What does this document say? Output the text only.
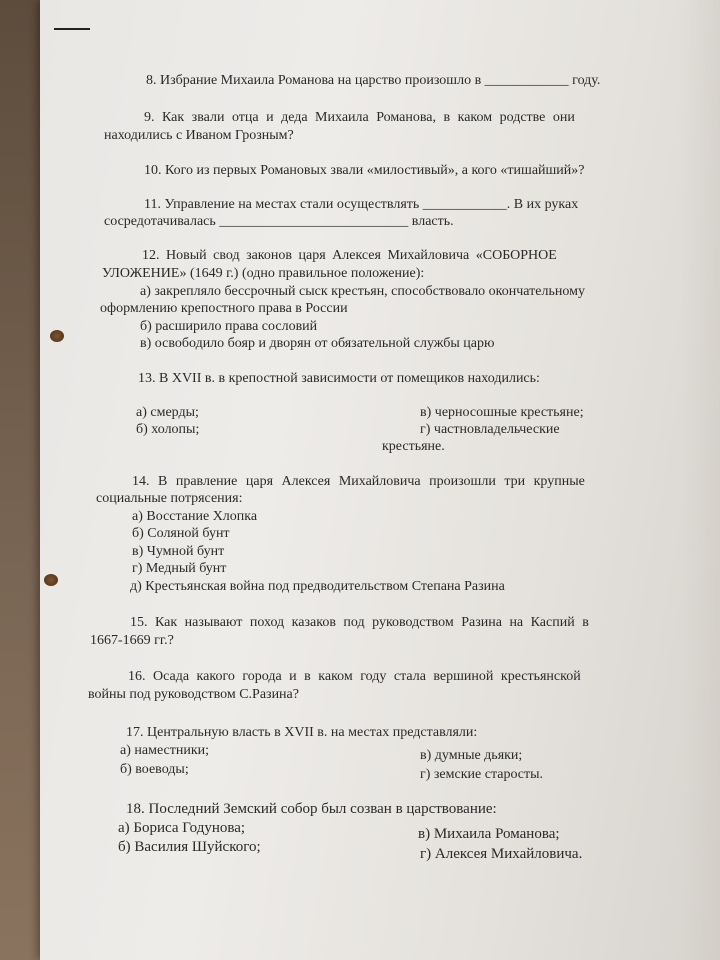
8. Избрание Михаила Романова на царство произошло в ____________ году.
9. Как звали отца и деда Михаила Романова, в каком родстве они
находились с Иваном Грозным?
10. Кого из первых Романовых звали «милостивый», а кого «тишайший»?
11. Управление на местах стали осуществлять ____________. В их руках
сосредотачивалась ___________________________ власть.
12. Новый свод законов царя Алексея Михайловича «СОБОРНОЕ
УЛОЖЕНИЕ» (1649 г.) (одно правильное положение):
а) закрепляло бессрочный сыск крестьян, способствовало окончательному
оформлению крепостного права в России
б) расширило права сословий
в) освободило бояр и дворян от обязательной службы царю
13. В XVII в. в крепостной зависимости от помещиков находились:
а) смерды;
б) холопы;
в) черносошные крестьяне;
г) частновладельческие
крестьяне.
14. В правление царя Алексея Михайловича произошли три крупные
социальные потрясения:
а) Восстание Хлопка
б) Соляной бунт
в) Чумной бунт
г) Медный бунт
д) Крестьянская война под предводительством Степана Разина
15. Как называют поход казаков под руководством Разина на Каспий в
1667-1669 гг.?
16. Осада какого города и в каком году стала вершиной крестьянской
войны под руководством С.Разина?
17. Центральную власть в XVII в. на местах представляли:
а) наместники;
б) воеводы;
в) думные дьяки;
г) земские старосты.
18. Последний Земский собор был созван в царствование:
а) Бориса Годунова;
б) Василия Шуйского;
в) Михаила Романова;
г) Алексея Михайловича.
